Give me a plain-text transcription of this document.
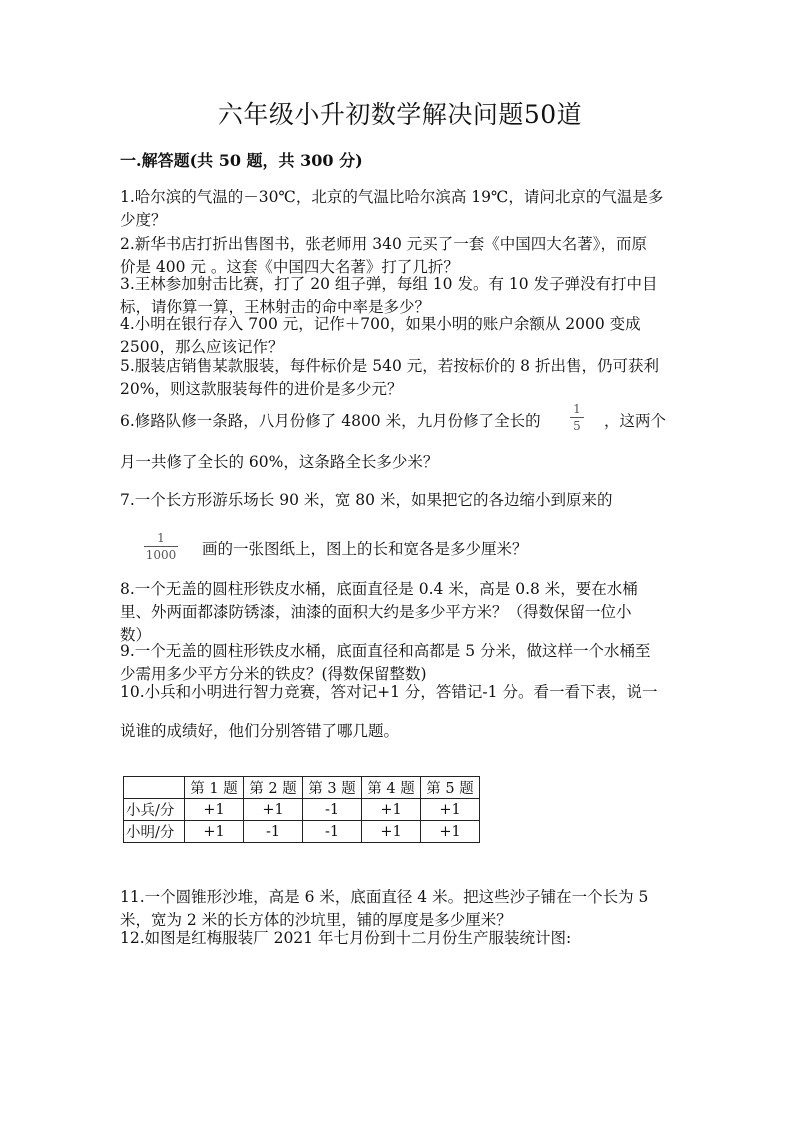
六年级小升初数学解决问题50道
一.解答题(共 50 题，共 300 分)
1.哈尔滨的气温的－30℃，北京的气温比哈尔滨高 19℃，请问北京的气温是多
少度？
2.新华书店打折出售图书，张老师用 340 元买了一套《中国四大名著》，而原
价是 400 元 。这套《中国四大名著》打了几折？
3.王林参加射击比赛，打了 20 组子弹，每组 10 发。有 10 发子弹没有打中目
标，请你算一算，王林射击的命中率是多少？
4.小明在银行存入 700 元，记作＋700，如果小明的账户余额从 2000 变成
2500，那么应该记作？
5.服装店销售某款服装，每件标价是 540 元，若按标价的 8 折出售，仍可获利
20%，则这款服装每件的进价是多少元？
6.修路队修一条路，八月份修了 4800 米，九月份修了全长的
1
5 ，这两个
月一共修了全长的 60%，这条路全长多少米？
7.一个长方形游乐场长 90 米，宽 80 米，如果把它的各边缩小到原来的
1
1000 画的一张图纸上，图上的长和宽各是多少厘米？
8.一个无盖的圆柱形铁皮水桶，底面直径是 0.4 米，高是 0.8 米，要在水桶
里、外两面都漆防锈漆，油漆的面积大约是多少平方米？（得数保留一位小
数）
9.一个无盖的圆柱形铁皮水桶，底面直径和高都是 5 分米，做这样一个水桶至
少需用多少平方分米的铁皮？(得数保留整数)
10.小兵和小明进行智力竞赛，答对记+1 分，答错记-1 分。看一看下表，说一
说谁的成绩好，他们分别答错了哪几题。
	第 1 题	第 2 题	第 3 题	第 4 题	第 5 题
小兵/分	+1	+1	-1	+1	+1
小明/分	+1	-1	-1	+1	+1
11.一个圆锥形沙堆，高是 6 米，底面直径 4 米。把这些沙子铺在一个长为 5
米，宽为 2 米的长方体的沙坑里，铺的厚度是多少厘米？
12.如图是红梅服装厂 2021 年七月份到十二月份生产服装统计图:
